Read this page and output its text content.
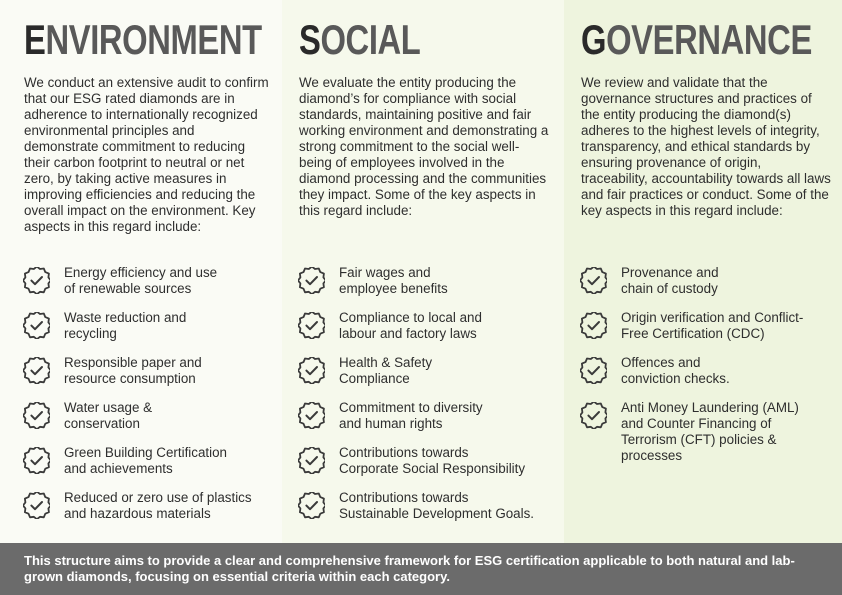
ENVIRONMENT

We conduct an extensive audit to confirm that our ESG rated diamonds are in adherence to internationally recognized environmental principles and demonstrate commitment to reducing their carbon footprint to neutral or net zero, by taking active measures in improving efficiencies and reducing the overall impact on the environment. Key aspects in this regard include:

Energy efficiency and use
of renewable sources
Waste reduction and
recycling
Responsible paper and
resource consumption
Water usage &
conservation
Green Building Certification
and achievements
Reduced or zero use of plastics
and hazardous materials
SOCIAL

We evaluate the entity producing the diamond’s for compliance with social standards, maintaining positive and fair working environment and demonstrating a strong commitment to the social well-being of employees involved in the diamond processing and the communities they impact. Some of the key aspects in this regard include:

Fair wages and
employee benefits
Compliance to local and
labour and factory laws
Health & Safety
Compliance
Commitment to diversity
and human rights
Contributions towards
Corporate Social Responsibility
Contributions towards
Sustainable Development Goals.
GOVERNANCE

We review and validate that the governance structures and practices of the entity producing the diamond(s) adheres to the highest levels of integrity, transparency, and ethical standards by ensuring provenance of origin, traceability, accountability towards all laws and fair practices or conduct. Some of the key aspects in this regard include:

Provenance and
chain of custody
Origin verification and Conflict-
Free Certification (CDC)
Offences and
conviction checks.
Anti Money Laundering (AML)
and Counter Financing of
Terrorism (CFT) policies &
processes

This structure aims to provide a clear and comprehensive framework for ESG certification applicable to both natural and lab-grown diamonds, focusing on essential criteria within each category.
